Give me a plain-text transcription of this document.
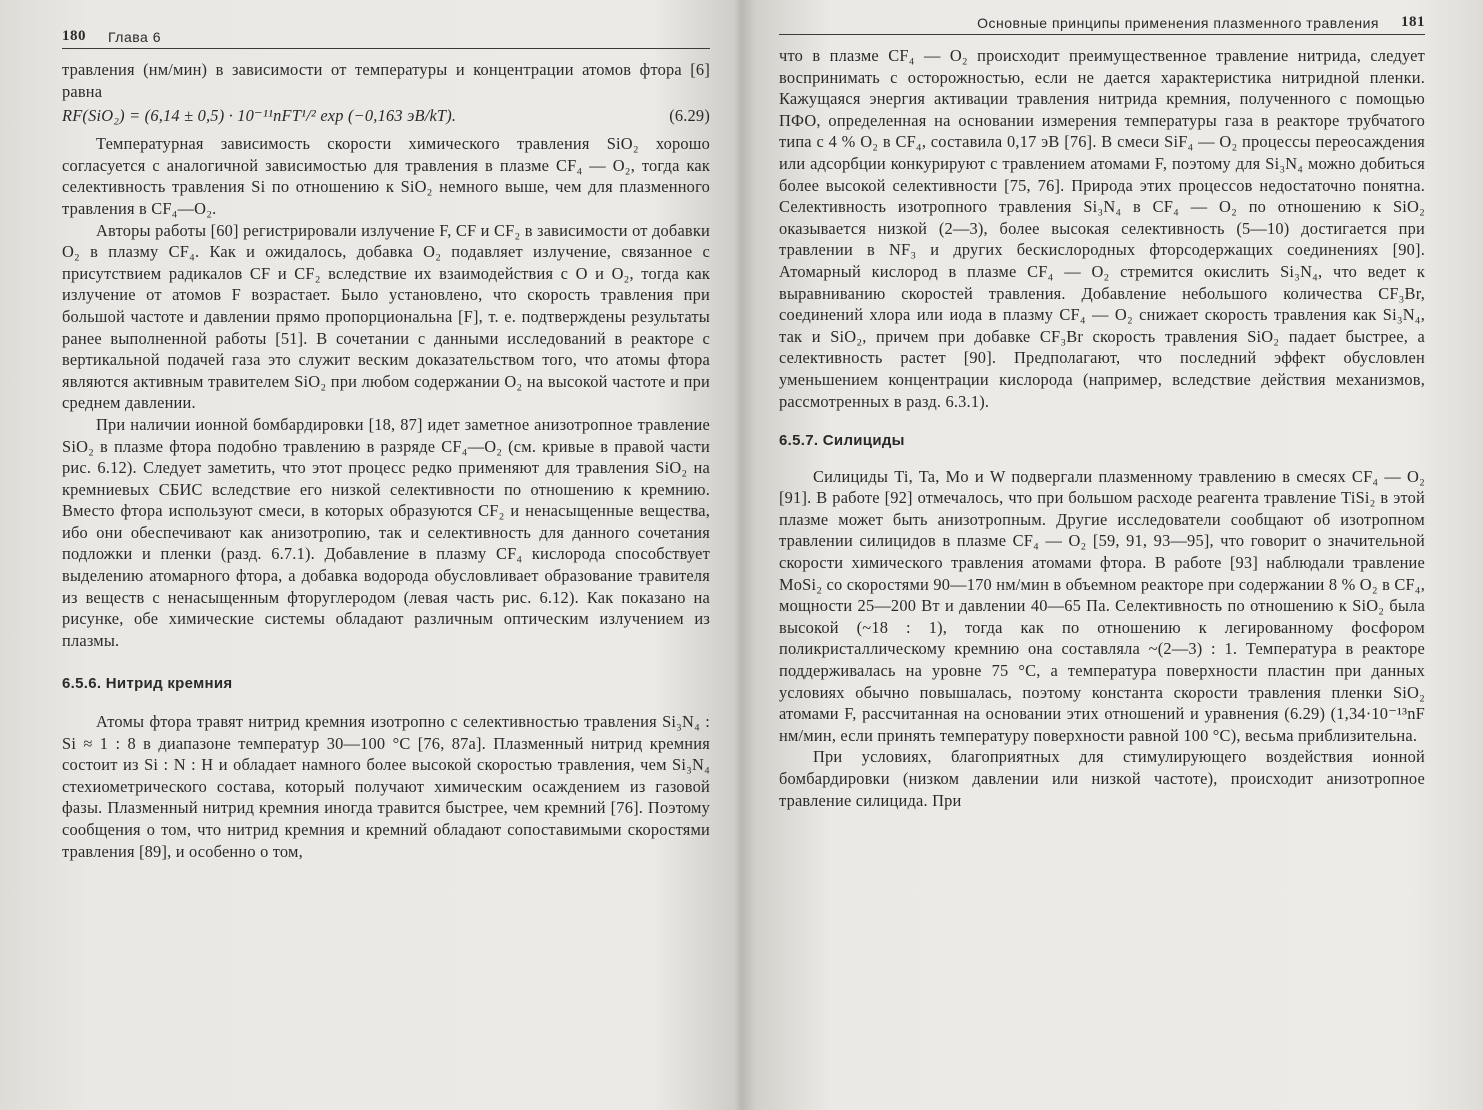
180 Глава 6

травления (нм/мин) в зависимости от температуры и концентрации атомов фтора [6] равна

RF(SiO₂) = (6,14 ± 0,5) · 10⁻¹¹nFT¹/² exp (−0,163 эВ/kT).	(6.29)

Температурная зависимость скорости химического травления SiO₂ хорошо согласуется с аналогичной зависимостью для травления в плазме CF₄ — O₂, тогда как селективность травления Si по отношению к SiO₂ немного выше, чем для плазменного травления в CF₄—O₂.

Авторы работы [60] регистрировали излучение F, CF и CF₂ в зависимости от добавки O₂ в плазму CF₄. Как и ожидалось, добавка O₂ подавляет излучение, связанное с присутствием радикалов CF и CF₂ вследствие их взаимодействия с O и O₂, тогда как излучение от атомов F возрастает. Было установлено, что скорость травления при большой частоте и давлении прямо пропорциональна [F], т. е. подтверждены результаты ранее выполненной работы [51]. В сочетании с данными исследований в реакторе с вертикальной подачей газа это служит веским доказательством того, что атомы фтора являются активным травителем SiO₂ при любом содержании O₂ на высокой частоте и при среднем давлении.

При наличии ионной бомбардировки [18, 87] идет заметное анизотропное травление SiO₂ в плазме фтора подобно травлению в разряде CF₄—O₂ (см. кривые в правой части рис. 6.12). Следует заметить, что этот процесс редко применяют для травления SiO₂ на кремниевых СБИС вследствие его низкой селективности по отношению к кремнию. Вместо фтора используют смеси, в которых образуются CF₂ и ненасыщенные вещества, ибо они обеспечивают как анизотропию, так и селективность для данного сочетания подложки и пленки (разд. 6.7.1). Добавление в плазму CF₄ кислорода способствует выделению атомарного фтора, а добавка водорода обусловливает образование травителя из веществ с ненасыщенным фторуглеродом (левая часть рис. 6.12). Как показано на рисунке, обе химические системы обладают различным оптическим излучением из плазмы.

6.5.6. Нитрид кремния

Атомы фтора травят нитрид кремния изотропно с селективностью травления Si₃N₄ : Si ≈ 1 : 8 в диапазоне температур 30—100 °C [76, 87a]. Плазменный нитрид кремния состоит из Si : N : H и обладает намного более высокой скоростью травления, чем Si₃N₄ стехиометрического состава, который получают химическим осаждением из газовой фазы. Плазменный нитрид кремния иногда травится быстрее, чем кремний [76]. Поэтому сообщения о том, что нитрид кремния и кремний обладают сопоставимыми скоростями травления [89], и особенно о том,

Основные принципы применения плазменного травления 181

что в плазме CF₄ — O₂ происходит преимущественное травление нитрида, следует воспринимать с осторожностью, если не дается характеристика нитридной пленки. Кажущаяся энергия активации травления нитрида кремния, полученного с помощью ПФО, определенная на основании измерения температуры газа в реакторе трубчатого типа с 4 % O₂ в CF₄, составила 0,17 эВ [76]. В смеси SiF₄ — O₂ процессы переосаждения или адсорбции конкурируют с травлением атомами F, поэтому для Si₃N₄ можно добиться более высокой селективности [75, 76]. Природа этих процессов недостаточно понятна. Селективность изотропного травления Si₃N₄ в CF₄ — O₂ по отношению к SiO₂ оказывается низкой (2—3), более высокая селективность (5—10) достигается при травлении в NF₃ и других бескислородных фторсодержащих соединениях [90]. Атомарный кислород в плазме CF₄ — O₂ стремится окислить Si₃N₄, что ведет к выравниванию скоростей травления. Добавление небольшого количества CF₃Br, соединений хлора или иода в плазму CF₄ — O₂ снижает скорость травления как Si₃N₄, так и SiO₂, причем при добавке CF₃Br скорость травления SiO₂ падает быстрее, а селективность растет [90]. Предполагают, что последний эффект обусловлен уменьшением концентрации кислорода (например, вследствие действия механизмов, рассмотренных в разд. 6.3.1).

6.5.7. Силициды

Силициды Ti, Ta, Mo и W подвергали плазменному травлению в смесях CF₄ — O₂ [91]. В работе [92] отмечалось, что при большом расходе реагента травление TiSi₂ в этой плазме может быть анизотропным. Другие исследователи сообщают об изотропном травлении силицидов в плазме CF₄ — O₂ [59, 91, 93—95], что говорит о значительной скорости химического травления атомами фтора. В работе [93] наблюдали травление MoSi₂ со скоростями 90—170 нм/мин в объемном реакторе при содержании 8 % O₂ в CF₄, мощности 25—200 Вт и давлении 40—65 Па. Селективность по отношению к SiO₂ была высокой (~18 : 1), тогда как по отношению к легированному фосфором поликристаллическому кремнию она составляла ~(2—3) : 1. Температура в реакторе поддерживалась на уровне 75 °C, а температура поверхности пластин при данных условиях обычно повышалась, поэтому константа скорости травления пленки SiO₂ атомами F, рассчитанная на основании этих отношений и уравнения (6.29) (1,34·10⁻¹³nF нм/мин, если принять температуру поверхности равной 100 °C), весьма приблизительна.

При условиях, благоприятных для стимулирующего воздействия ионной бомбардировки (низком давлении или низкой частоте), происходит анизотропное травление силицида. При
